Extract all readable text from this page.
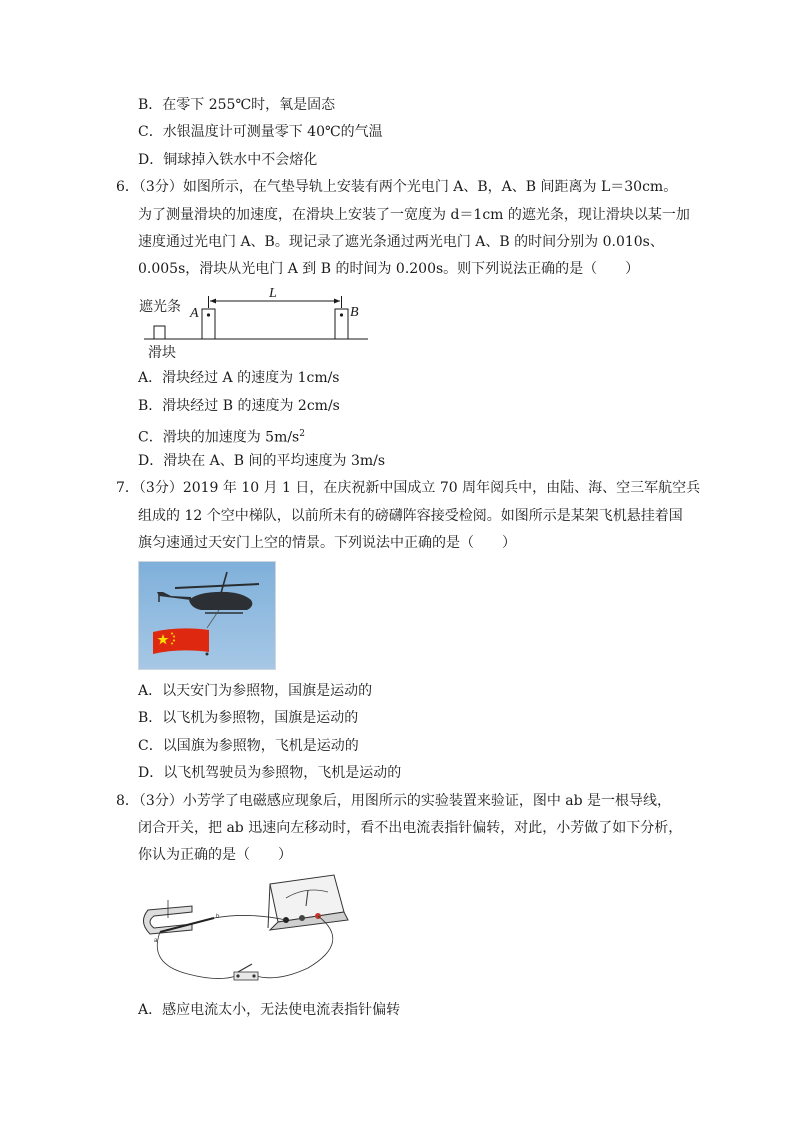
B．在零下 255℃时，氧是固态
C．水银温度计可测量零下 40℃的气温
D．铜球掉入铁水中不会熔化
6．（3分）如图所示，在气垫导轨上安装有两个光电门 A、B，A、B 间距离为 L＝30cm。
为了测量滑块的加速度，在滑块上安装了一宽度为 d＝1cm 的遮光条，现让滑块以某一加
速度通过光电门 A、B。现记录了遮光条通过两光电门 A、B 的时间分别为 0.010s、
0.005s，滑块从光电门 A 到 B 的时间为 0.200s。则下列说法正确的是（　　）
遮光条
滑块
A	B
L
A．滑块经过 A 的速度为 1cm/s
B．滑块经过 B 的速度为 2cm/s
C．滑块的加速度为 $5m/s^2$
D．滑块在 A、B 间的平均速度为 3m/s
7．（3分）2019 年 10 月 1 日，在庆祝新中国成立 70 周年阅兵中，由陆、海、空三军航空兵
组成的 12 个空中梯队，以前所未有的磅礴阵容接受检阅。如图所示是某架飞机悬挂着国
旗匀速通过天安门上空的情景。下列说法中正确的是（　　）
A．以天安门为参照物，国旗是运动的
B．以飞机为参照物，国旗是运动的
C．以国旗为参照物，飞机是运动的
D．以飞机驾驶员为参照物，飞机是运动的
8．（3分）小芳学了电磁感应现象后，用图所示的实验装置来验证，图中 ab 是一根导线，
闭合开关，把 ab 迅速向左移动时，看不出电流表指针偏转，对此，小芳做了如下分析，
你认为正确的是（　　）
a
b
A．感应电流太小，无法使电流表指针偏转
